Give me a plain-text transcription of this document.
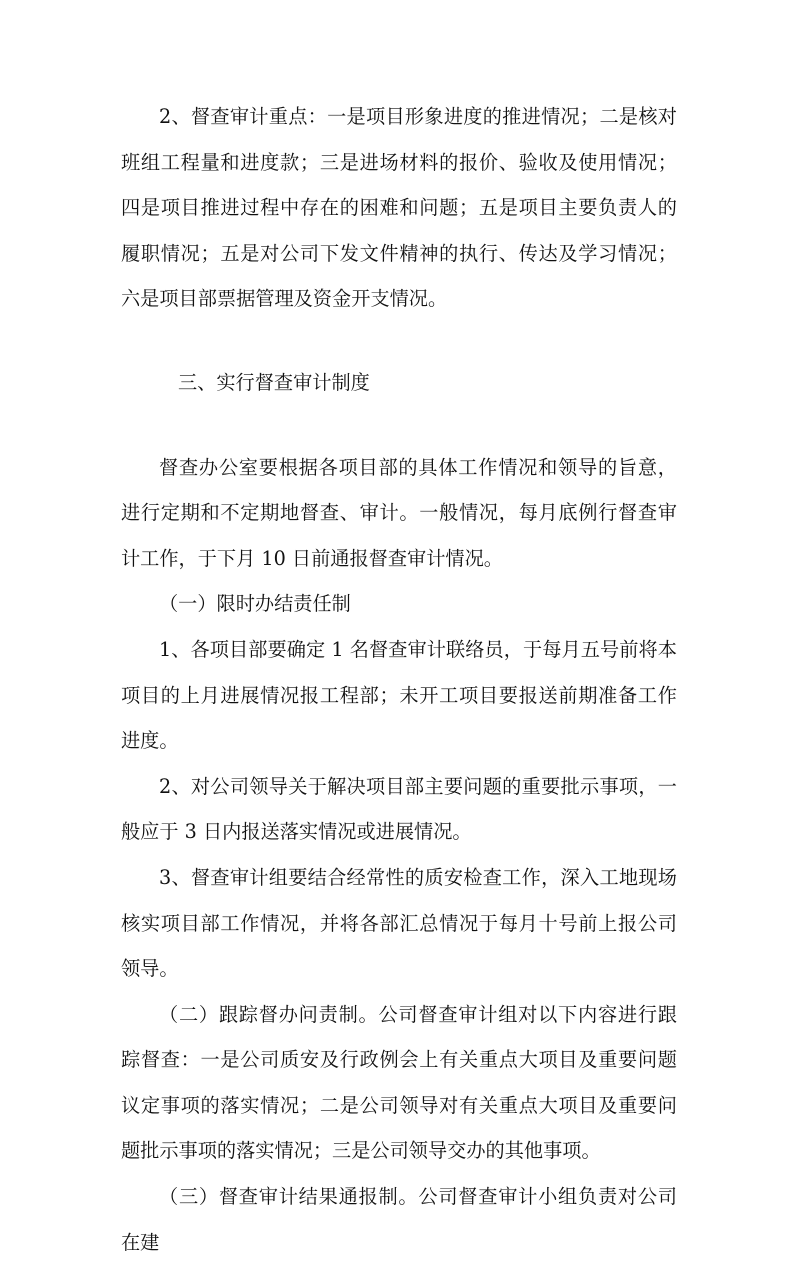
2、督查审计重点：一是项目形象进度的推进情况；二是核对班组工程量和进度款；三是进场材料的报价、验收及使用情况；四是项目推进过程中存在的困难和问题；五是项目主要负责人的履职情况；五是对公司下发文件精神的执行、传达及学习情况；六是项目部票据管理及资金开支情况。

三、实行督查审计制度

督查办公室要根据各项目部的具体工作情况和领导的旨意，进行定期和不定期地督查、审计。一般情况，每月底例行督查审计工作，于下月 10 日前通报督查审计情况。

（一）限时办结责任制

1、各项目部要确定 1 名督查审计联络员，于每月五号前将本项目的上月进展情况报工程部；未开工项目要报送前期准备工作进度。

2、对公司领导关于解决项目部主要问题的重要批示事项，一般应于 3 日内报送落实情况或进展情况。

3、督查审计组要结合经常性的质安检查工作，深入工地现场核实项目部工作情况，并将各部汇总情况于每月十号前上报公司领导。

（二）跟踪督办问责制。公司督查审计组对以下内容进行跟踪督查：一是公司质安及行政例会上有关重点大项目及重要问题议定事项的落实情况；二是公司领导对有关重点大项目及重要问题批示事项的落实情况；三是公司领导交办的其他事项。

（三）督查审计结果通报制。公司督查审计小组负责对公司在建
